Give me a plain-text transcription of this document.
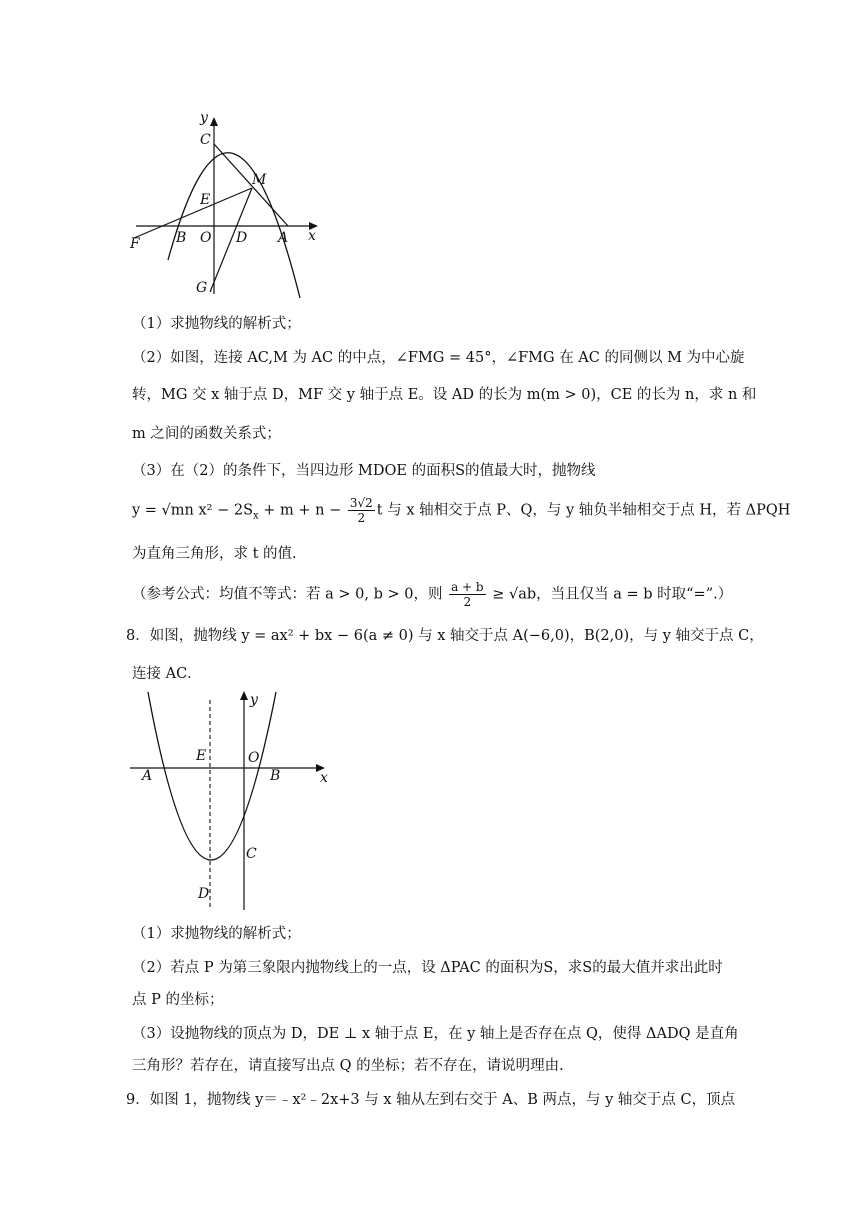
y
C
M
E
F	B O D A x
G
（1）求抛物线的解析式；
（2）如图，连接 AC,M 为 AC 的中点，∠FMG = 45°，∠FMG 在 AC 的同侧以 M 为中心旋
转，MG 交 x 轴于点 D，MF 交 y 轴于点 E。设 AD 的长为 m(m > 0)，CE 的长为 n，求 n 和
m 之间的函数关系式；
（3）在（2）的条件下，当四边形 MDOE 的面积S的值最大时，抛物线
y = √mn $x^2 - 2S_x + m + n - \frac{3√2}{2}$ t 与 x 轴相交于点 P、Q，与 y 轴负半轴相交于点 H，若 ΔPQH
为直角三角形，求 t 的值.
（参考公式：均值不等式：若 a > 0, b > 0，则 $\frac{a + b}{2} \ge √ab$，当且仅当 a = b 时取“=”.）
8．如图，抛物线 y = ax² + bx − 6(a ≠ 0) 与 x 轴交于点 A(−6,0)，B(2,0)，与 y 轴交于点 C，
连接 AC．
y
E	O
A	B	x
C
D
（1）求抛物线的解析式；
（2）若点 P 为第三象限内抛物线上的一点，设 ΔPAC 的面积为S，求S的最大值并求出此时
点 P 的坐标；
（3）设抛物线的顶点为 D，DE ⊥ x 轴于点 E，在 y 轴上是否存在点 Q，使得 ΔADQ 是直角
三角形？若存在，请直接写出点 Q 的坐标；若不存在，请说明理由.
9．如图 1，抛物线 y＝﹣x²﹣2x+3 与 x 轴从左到右交于 A、B 两点，与 y 轴交于点 C，顶点
